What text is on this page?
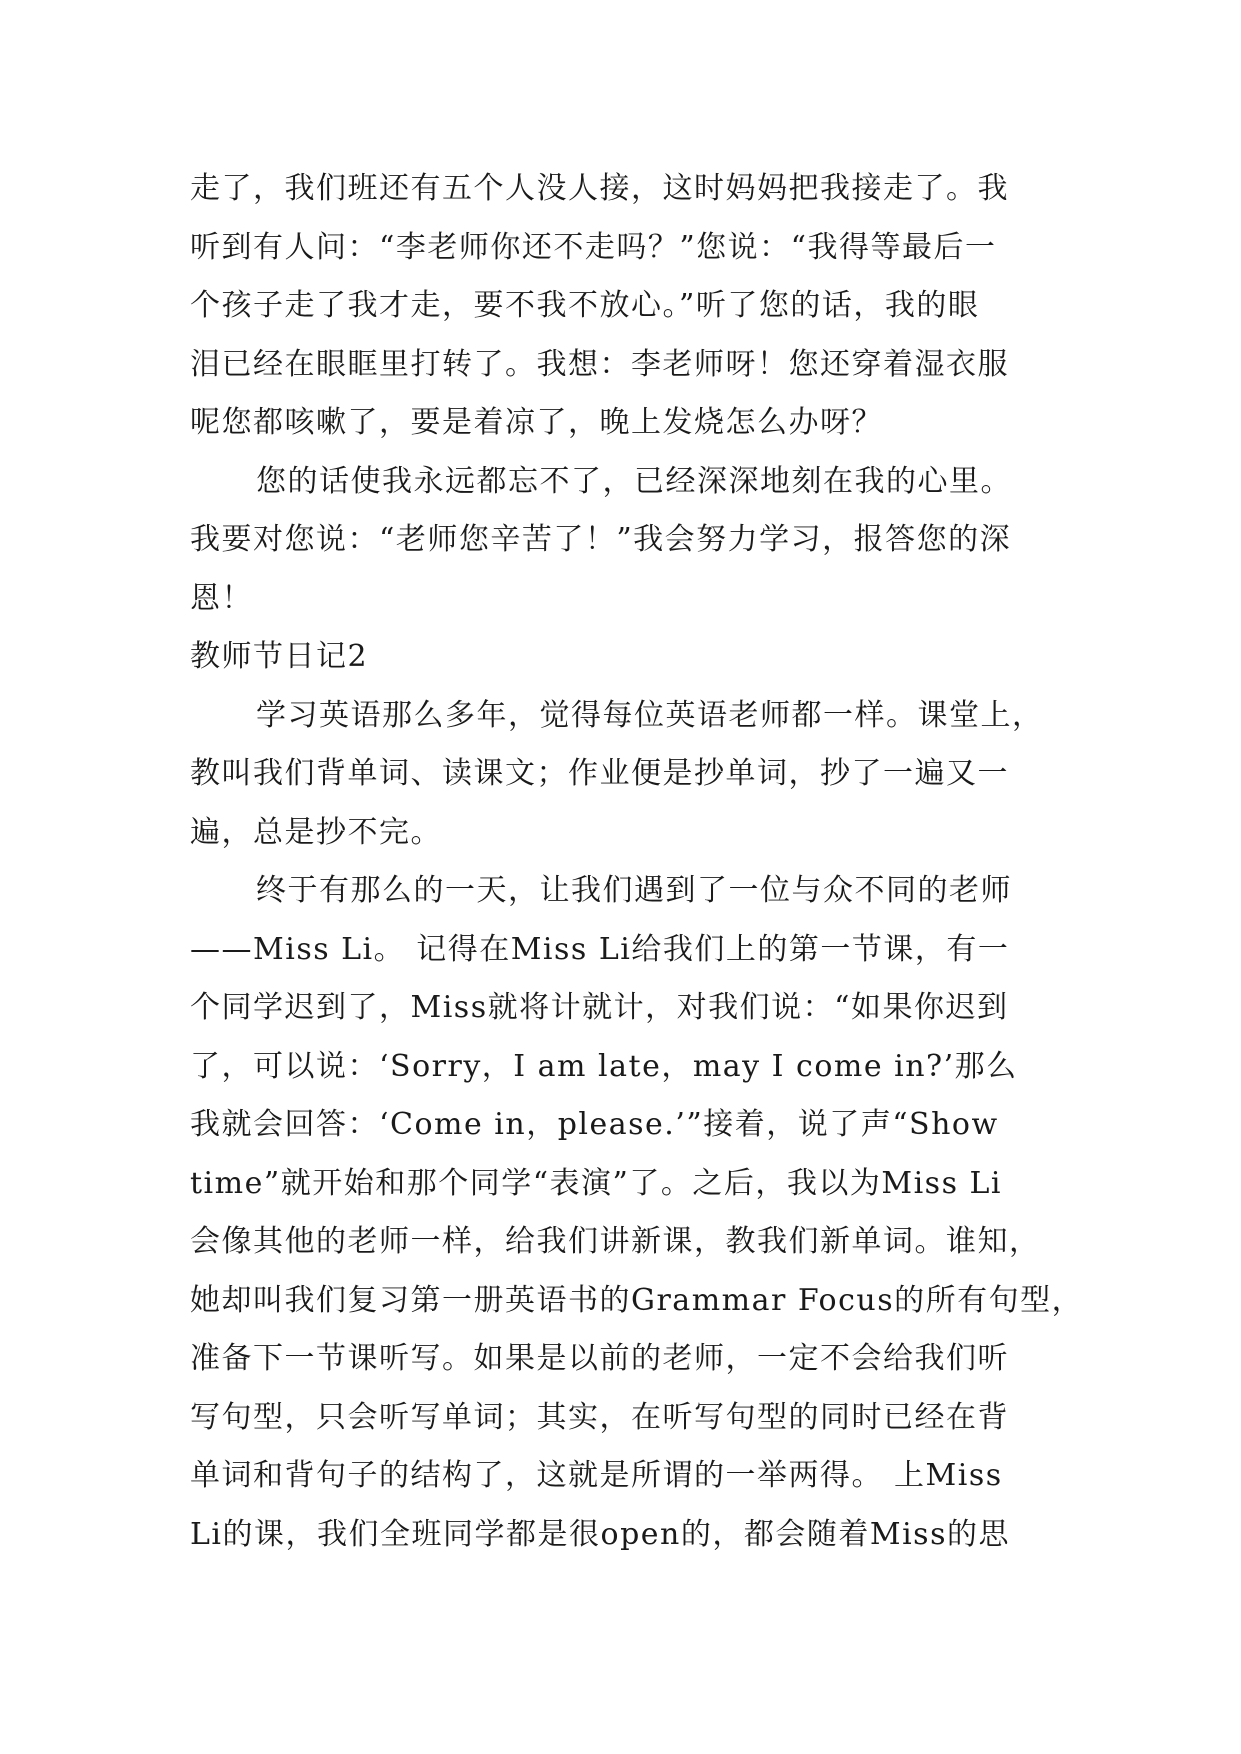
走了，我们班还有五个人没人接，这时妈妈把我接走了。我
听到有人问：“李老师你还不走吗？”您说：“我得等最后一
个孩子走了我才走，要不我不放心。”听了您的话，我的眼
泪已经在眼眶里打转了。我想：李老师呀！您还穿着湿衣服
呢您都咳嗽了，要是着凉了，晚上发烧怎么办呀？
您的话使我永远都忘不了，已经深深地刻在我的心里。
我要对您说：“老师您辛苦了！”我会努力学习，报答您的深
恩！
教师节日记2
学习英语那么多年，觉得每位英语老师都一样。课堂上，
教叫我们背单词、读课文；作业便是抄单词，抄了一遍又一
遍，总是抄不完。
终于有那么的一天，让我们遇到了一位与众不同的老师
——Miss Li。 记得在Miss Li给我们上的第一节课，有一
个同学迟到了，Miss就将计就计，对我们说：“如果你迟到
了，可以说：‘Sorry，I am late，may I come in?’那么
我就会回答：‘Come in，please.’”接着，说了声“Show
time”就开始和那个同学“表演”了。之后，我以为Miss Li
会像其他的老师一样，给我们讲新课，教我们新单词。谁知，
她却叫我们复习第一册英语书的Grammar Focus的所有句型，
准备下一节课听写。如果是以前的老师，一定不会给我们听
写句型，只会听写单词；其实，在听写句型的同时已经在背
单词和背句子的结构了，这就是所谓的一举两得。 上Miss
Li的课，我们全班同学都是很open的，都会随着Miss的思
